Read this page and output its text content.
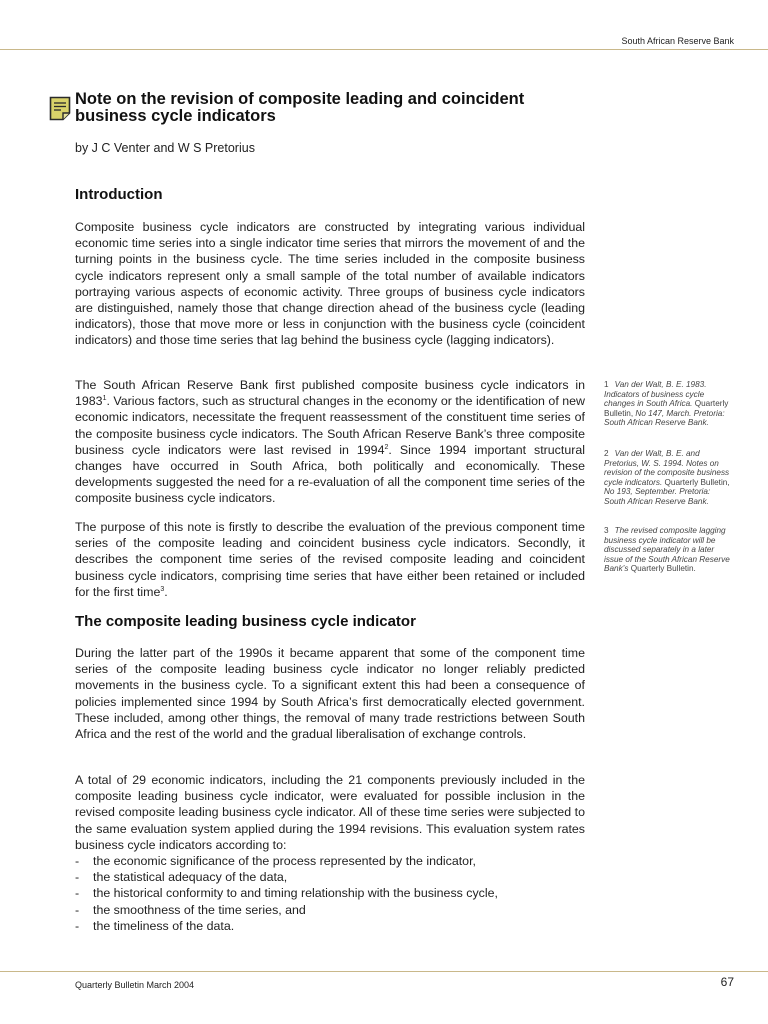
South African Reserve Bank
Note on the revision of composite leading and coincident business cycle indicators
by J C Venter and W S Pretorius
Introduction

Composite business cycle indicators are constructed by integrating various individual economic time series into a single indicator time series that mirrors the movement of and the turning points in the business cycle. The time series included in the composite business cycle indicators represent only a small sample of the total number of available indicators portraying various aspects of economic activity. Three groups of business cycle indicators are distinguished, namely those that change direction ahead of the business cycle (leading indicators), those that move more or less in conjunction with the business cycle (coincident indicators) and those time series that lag behind the business cycle (lagging indicators).

The South African Reserve Bank first published composite business cycle indicators in 1983$^1$. Various factors, such as structural changes in the economy or the identification of new economic indicators, necessitate the frequent reassessment of the constituent time series of the composite business cycle indicators. The South African Reserve Bank’s three composite business cycle indicators were last revised in 1994$^2$. Since 1994 important structural changes have occurred in South Africa, both politically and economically. These developments suggested the need for a re-evaluation of all the component time series of the composite business cycle indicators.

The purpose of this note is firstly to describe the evaluation of the previous component time series of the composite leading and coincident business cycle indicators. Secondly, it describes the component time series of the revised composite leading and coincident business cycle indicators, comprising time series that have either been retained or included for the first time$^3$.

The composite leading business cycle indicator

During the latter part of the 1990s it became apparent that some of the component time series of the composite leading business cycle indicator no longer reliably predicted movements in the business cycle. To a significant extent this had been a consequence of policies implemented since 1994 by South Africa’s first democratically elected government. These included, among other things, the removal of many trade restrictions between South Africa and the rest of the world and the gradual liberalisation of exchange controls.

A total of 29 economic indicators, including the 21 components previously included in the composite leading business cycle indicator, were evaluated for possible inclusion in the revised composite leading business cycle indicator. All of these time series were subjected to the same evaluation system applied during the 1994 revisions. This evaluation system rates business cycle indicators according to:

- the economic significance of the process represented by the indicator,
- the statistical adequacy of the data,
- the historical conformity to and timing relationship with the business cycle,
- the smoothness of the time series, and
- the timeliness of the data.
1 Van der Walt, B. E. 1983. Indicators of business cycle changes in South Africa. Quarterly Bulletin, No 147, March. Pretoria: South African Reserve Bank.
2 Van der Walt, B. E. and Pretorius, W. S. 1994. Notes on revision of the composite business cycle indicators. Quarterly Bulletin, No 193, September. Pretoria: South African Reserve Bank.
3 The revised composite lagging business cycle indicator will be discussed separately in a later issue of the South African Reserve Bank’s Quarterly Bulletin.
Quarterly Bulletin March 2004	67
